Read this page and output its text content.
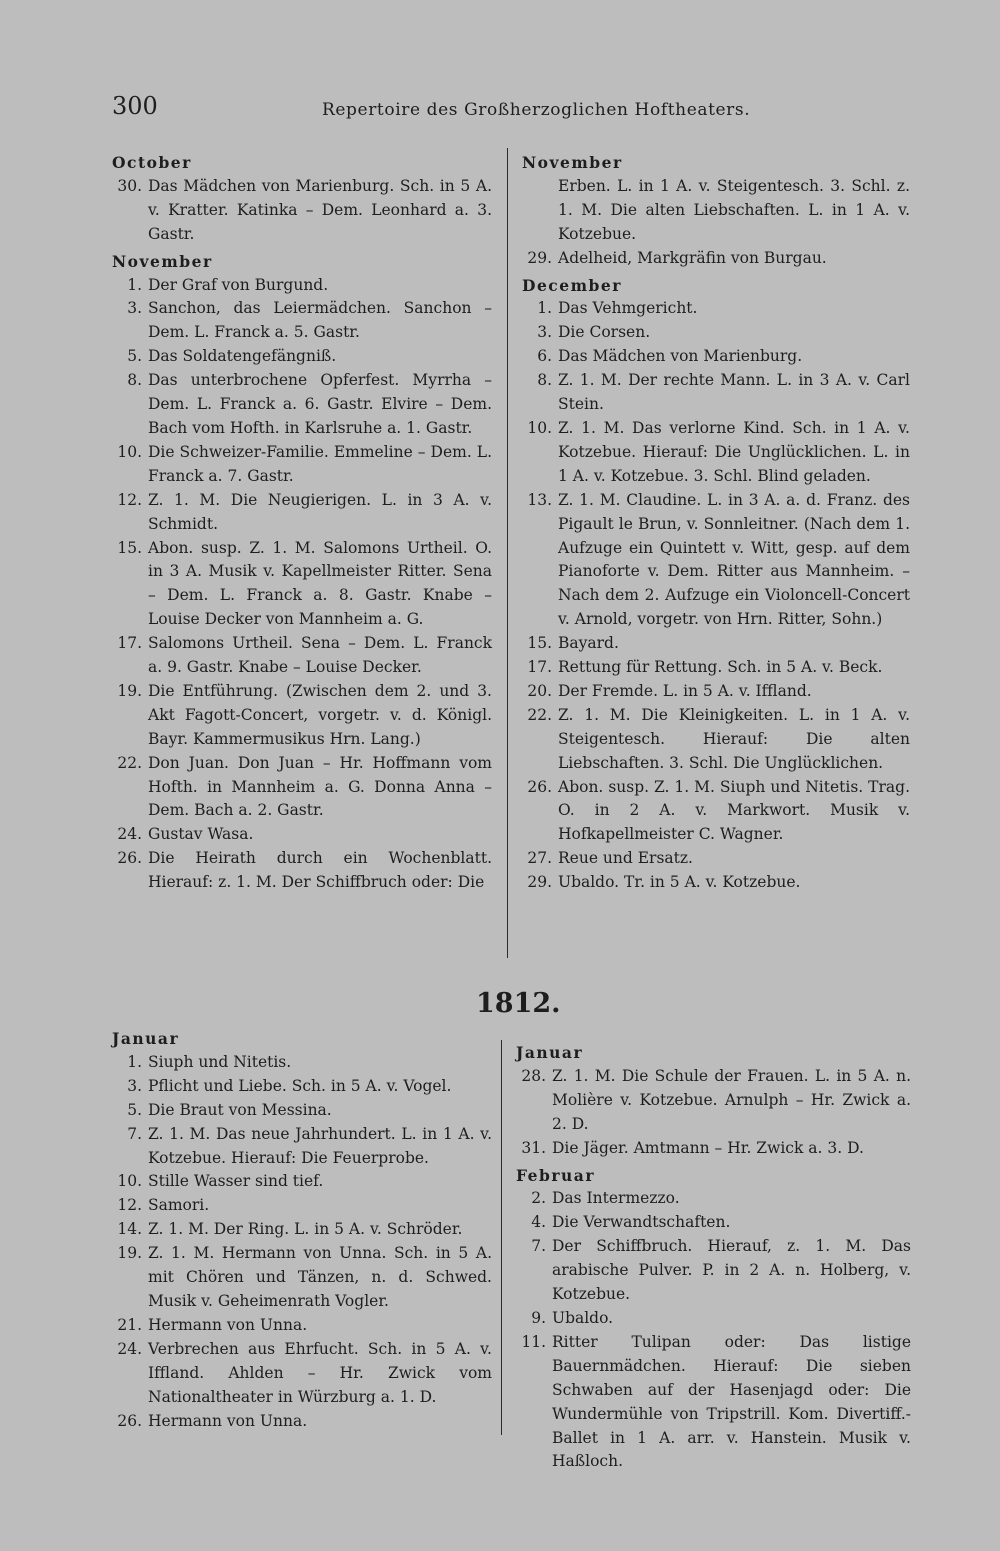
300	Repertoire des Großherzoglichen Hoftheaters.
October
30. Das Mädchen von Marienburg. Sch. in 5 A. v. Kratter. Katinka – Dem. Leonhard a. 3. Gastr.
November
1. Der Graf von Burgund.
3. Sanchon, das Leiermädchen. Sanchon – Dem. L. Franck a. 5. Gastr.
5. Das Soldatengefängniß.
8. Das unterbrochene Opferfest. Myrrha – Dem. L. Franck a. 6. Gastr. Elvire – Dem. Bach vom Hofth. in Karlsruhe a. 1. Gastr.
10. Die Schweizer-Familie. Emmeline – Dem. L. Franck a. 7. Gastr.
12. Z. 1. M. Die Neugierigen. L. in 3 A. v. Schmidt.
15. Abon. susp. Z. 1. M. Salomons Urtheil. O. in 3 A. Musik v. Kapellmeister Ritter. Sena – Dem. L. Franck a. 8. Gastr. Knabe – Louise Decker von Mannheim a. G.
17. Salomons Urtheil. Sena – Dem. L. Franck a. 9. Gastr. Knabe – Louise Decker.
19. Die Entführung. (Zwischen dem 2. und 3. Akt Fagott-Concert, vorgetr. v. d. Königl. Bayr. Kammermusikus Hrn. Lang.)
22. Don Juan. Don Juan – Hr. Hoffmann vom Hofth. in Mannheim a. G. Donna Anna – Dem. Bach a. 2. Gastr.
24. Gustav Wasa.
26. Die Heirath durch ein Wochenblatt. Hierauf: z. 1. M. Der Schiffbruch oder: Die
November
Erben. L. in 1 A. v. Steigentesch. 3. Schl. z. 1. M. Die alten Liebschaften. L. in 1 A. v. Kotzebue.
29. Adelheid, Markgräfin von Burgau.
December
1. Das Vehmgericht.
3. Die Corsen.
6. Das Mädchen von Marienburg.
8. Z. 1. M. Der rechte Mann. L. in 3 A. v. Carl Stein.
10. Z. 1. M. Das verlorne Kind. Sch. in 1 A. v. Kotzebue. Hierauf: Die Unglücklichen. L. in 1 A. v. Kotzebue. 3. Schl. Blind geladen.
13. Z. 1. M. Claudine. L. in 3 A. a. d. Franz. des Pigault le Brun, v. Sonnleitner. (Nach dem 1. Aufzuge ein Quintett v. Witt, gesp. auf dem Pianoforte v. Dem. Ritter aus Mannheim. – Nach dem 2. Aufzuge ein Violoncell-Concert v. Arnold, vorgetr. von Hrn. Ritter, Sohn.)
15. Bayard.
17. Rettung für Rettung. Sch. in 5 A. v. Beck.
20. Der Fremde. L. in 5 A. v. Iffland.
22. Z. 1. M. Die Kleinigkeiten. L. in 1 A. v. Steigentesch. Hierauf: Die alten Liebschaften. 3. Schl. Die Unglücklichen.
26. Abon. susp. Z. 1. M. Siuph und Nitetis. Trag. O. in 2 A. v. Markwort. Musik v. Hofkapellmeister C. Wagner.
27. Reue und Ersatz.
29. Ubaldo. Tr. in 5 A. v. Kotzebue.
1812.
Januar
1. Siuph und Nitetis.
3. Pflicht und Liebe. Sch. in 5 A. v. Vogel.
5. Die Braut von Messina.
7. Z. 1. M. Das neue Jahrhundert. L. in 1 A. v. Kotzebue. Hierauf: Die Feuerprobe.
10. Stille Wasser sind tief.
12. Samori.
14. Z. 1. M. Der Ring. L. in 5 A. v. Schröder.
19. Z. 1. M. Hermann von Unna. Sch. in 5 A. mit Chören und Tänzen, n. d. Schwed. Musik v. Geheimenrath Vogler.
21. Hermann von Unna.
24. Verbrechen aus Ehrfucht. Sch. in 5 A. v. Iffland. Ahlden – Hr. Zwick vom Nationaltheater in Würzburg a. 1. D.
26. Hermann von Unna.
Januar
28. Z. 1. M. Die Schule der Frauen. L. in 5 A. n. Molière v. Kotzebue. Arnulph – Hr. Zwick a. 2. D.
31. Die Jäger. Amtmann – Hr. Zwick a. 3. D.
Februar
2. Das Intermezzo.
4. Die Verwandtschaften.
7. Der Schiffbruch. Hierauf, z. 1. M. Das arabische Pulver. P. in 2 A. n. Holberg, v. Kotzebue.
9. Ubaldo.
11. Ritter Tulipan oder: Das listige Bauernmädchen. Hierauf: Die sieben Schwaben auf der Hasenjagd oder: Die Wundermühle von Tripstrill. Kom. Divertiff.-Ballet in 1 A. arr. v. Hanstein. Musik v. Haßloch.
